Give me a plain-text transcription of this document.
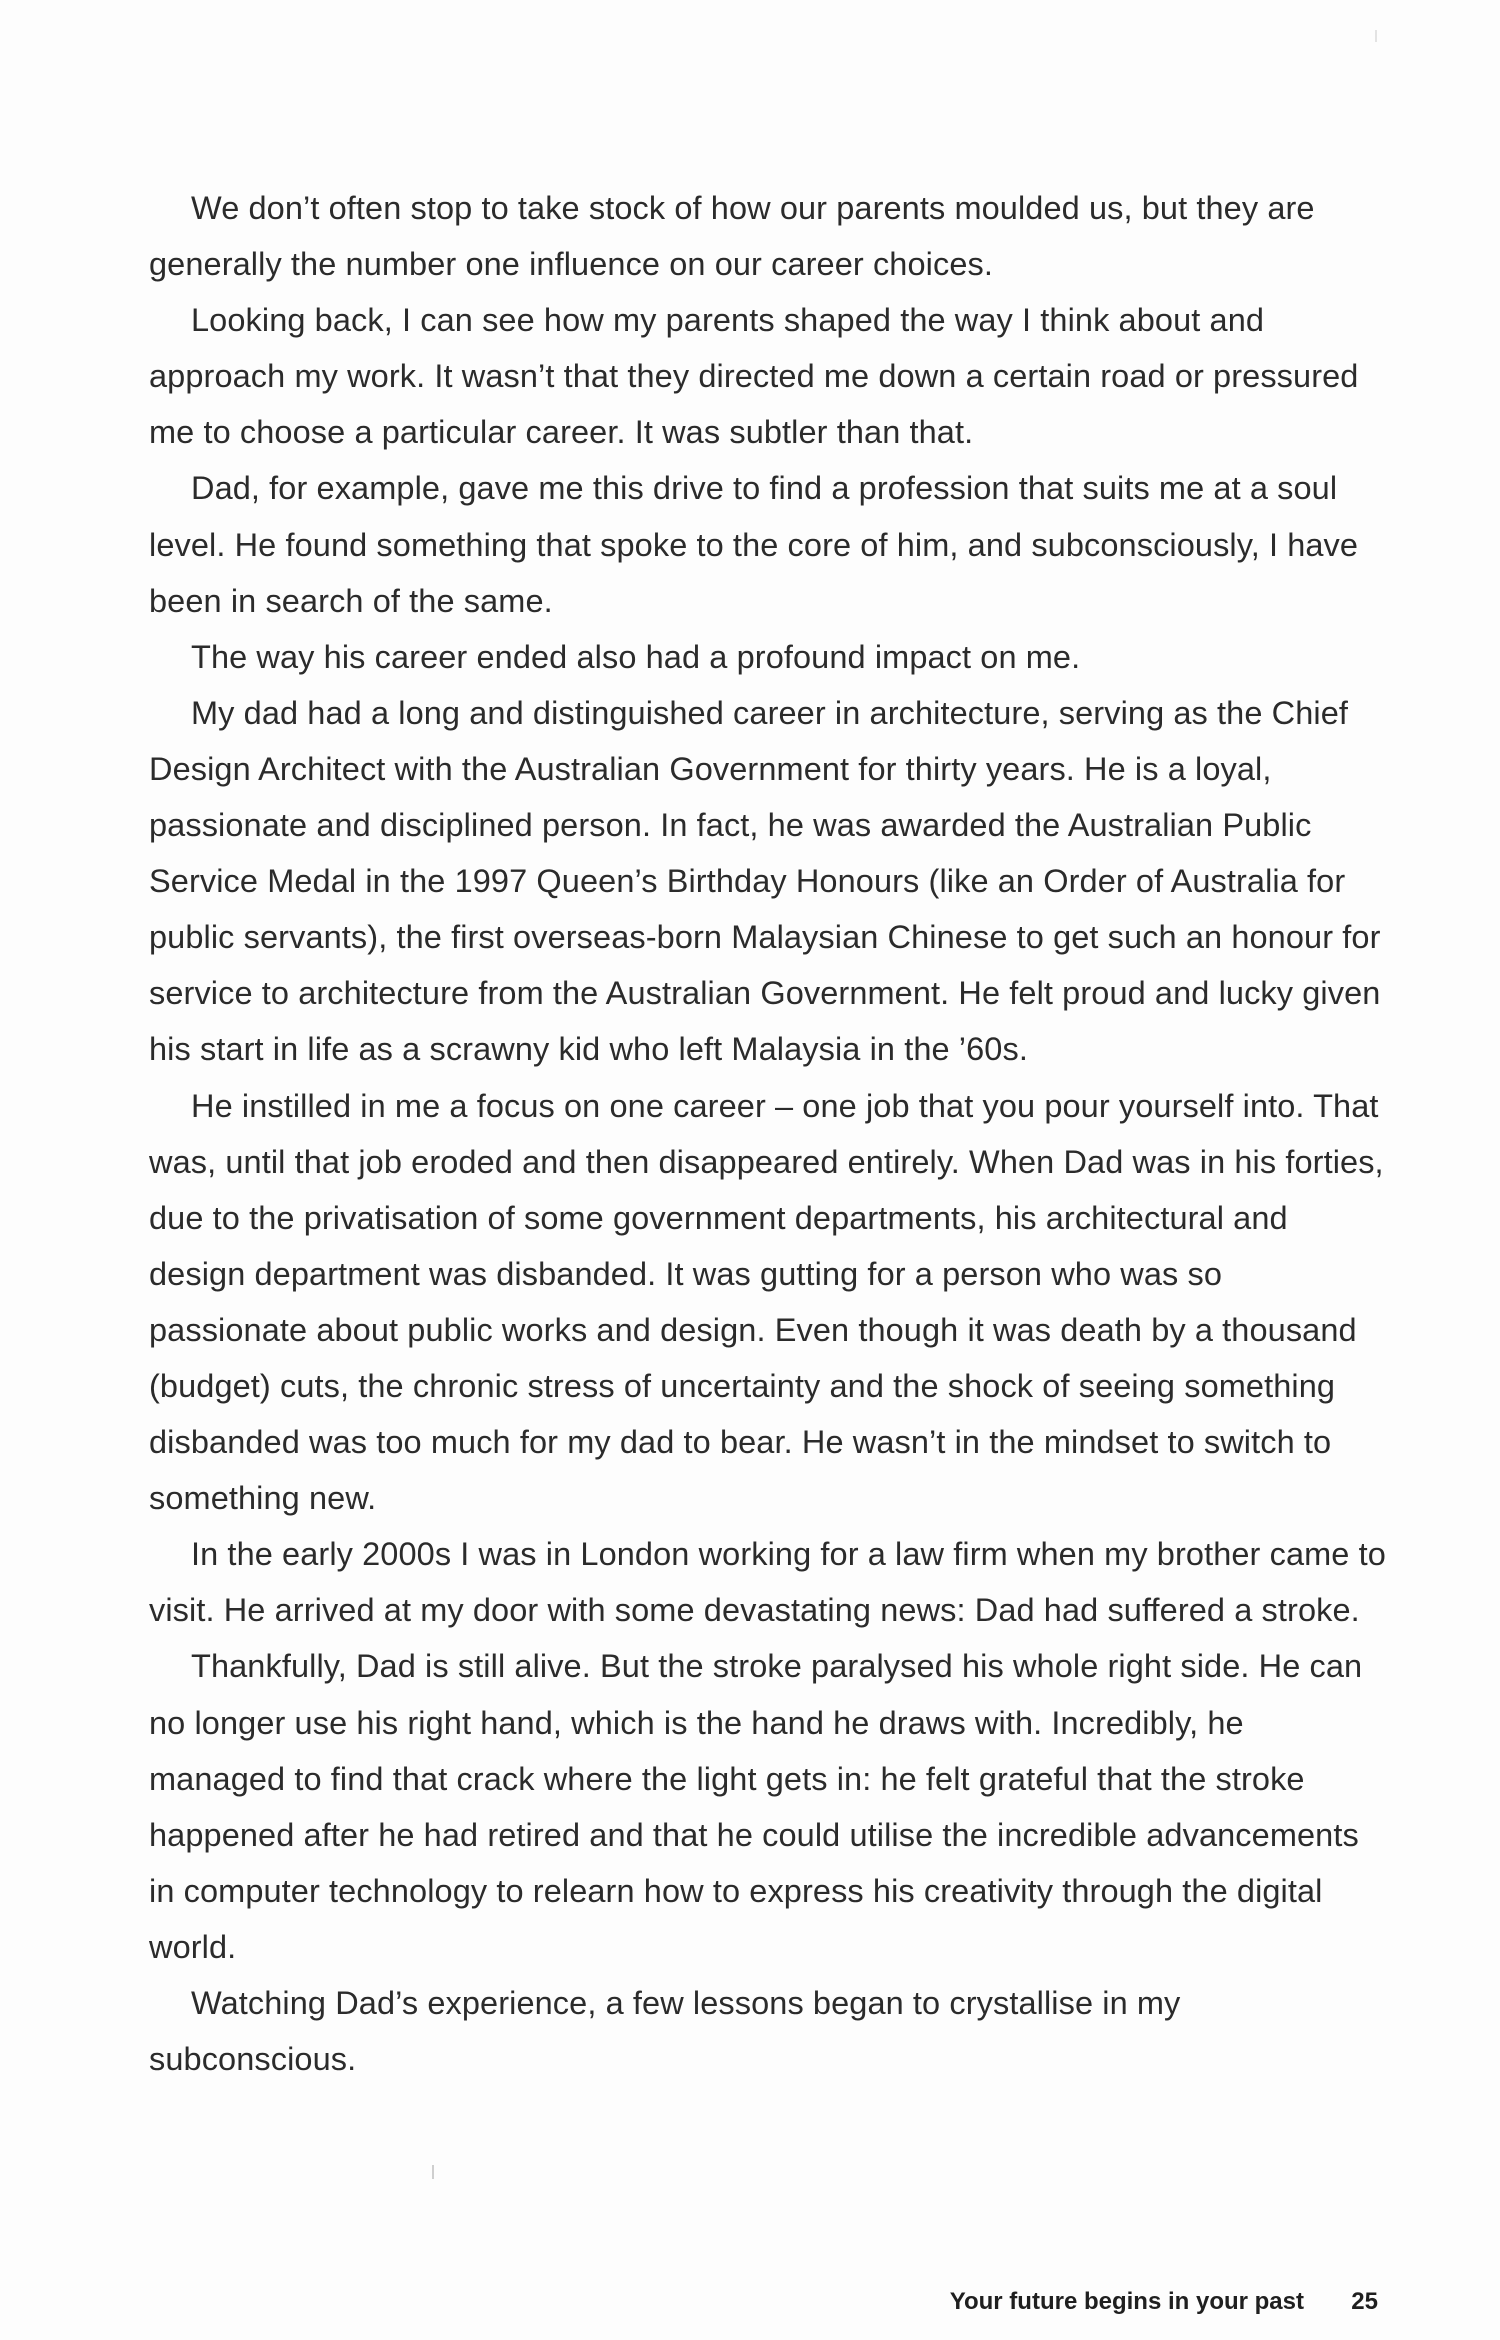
We don’t often stop to take stock of how our parents moulded us, but they are generally the number one influence on our career choices.

Looking back, I can see how my parents shaped the way I think about and approach my work. It wasn’t that they directed me down a certain road or pressured me to choose a particular career. It was subtler than that.

Dad, for example, gave me this drive to find a profession that suits me at a soul level. He found something that spoke to the core of him, and subconsciously, I have been in search of the same.

The way his career ended also had a profound impact on me.

My dad had a long and distinguished career in architecture, serving as the Chief Design Architect with the Australian Government for thirty years. He is a loyal, passionate and disciplined person. In fact, he was awarded the Australian Public Service Medal in the 1997 Queen’s Birthday Honours (like an Order of Australia for public servants), the first overseas-born Malaysian Chinese to get such an honour for service to architecture from the Australian Government. He felt proud and lucky given his start in life as a scrawny kid who left Malaysia in the ’60s.

He instilled in me a focus on one career – one job that you pour yourself into. That was, until that job eroded and then disappeared entirely. When Dad was in his forties, due to the privatisation of some government departments, his architectural and design department was disbanded. It was gutting for a person who was so passionate about public works and design. Even though it was death by a thousand (budget) cuts, the chronic stress of uncertainty and the shock of seeing something disbanded was too much for my dad to bear. He wasn’t in the mindset to switch to something new.

In the early 2000s I was in London working for a law firm when my brother came to visit. He arrived at my door with some devastating news: Dad had suffered a stroke.

Thankfully, Dad is still alive. But the stroke paralysed his whole right side. He can no longer use his right hand, which is the hand he draws with. Incredibly, he managed to find that crack where the light gets in: he felt grateful that the stroke happened after he had retired and that he could utilise the incredible advancements in computer technology to relearn how to express his creativity through the digital world.

Watching Dad’s experience, a few lessons began to crystallise in my subconscious.

Your future begins in your past 25
